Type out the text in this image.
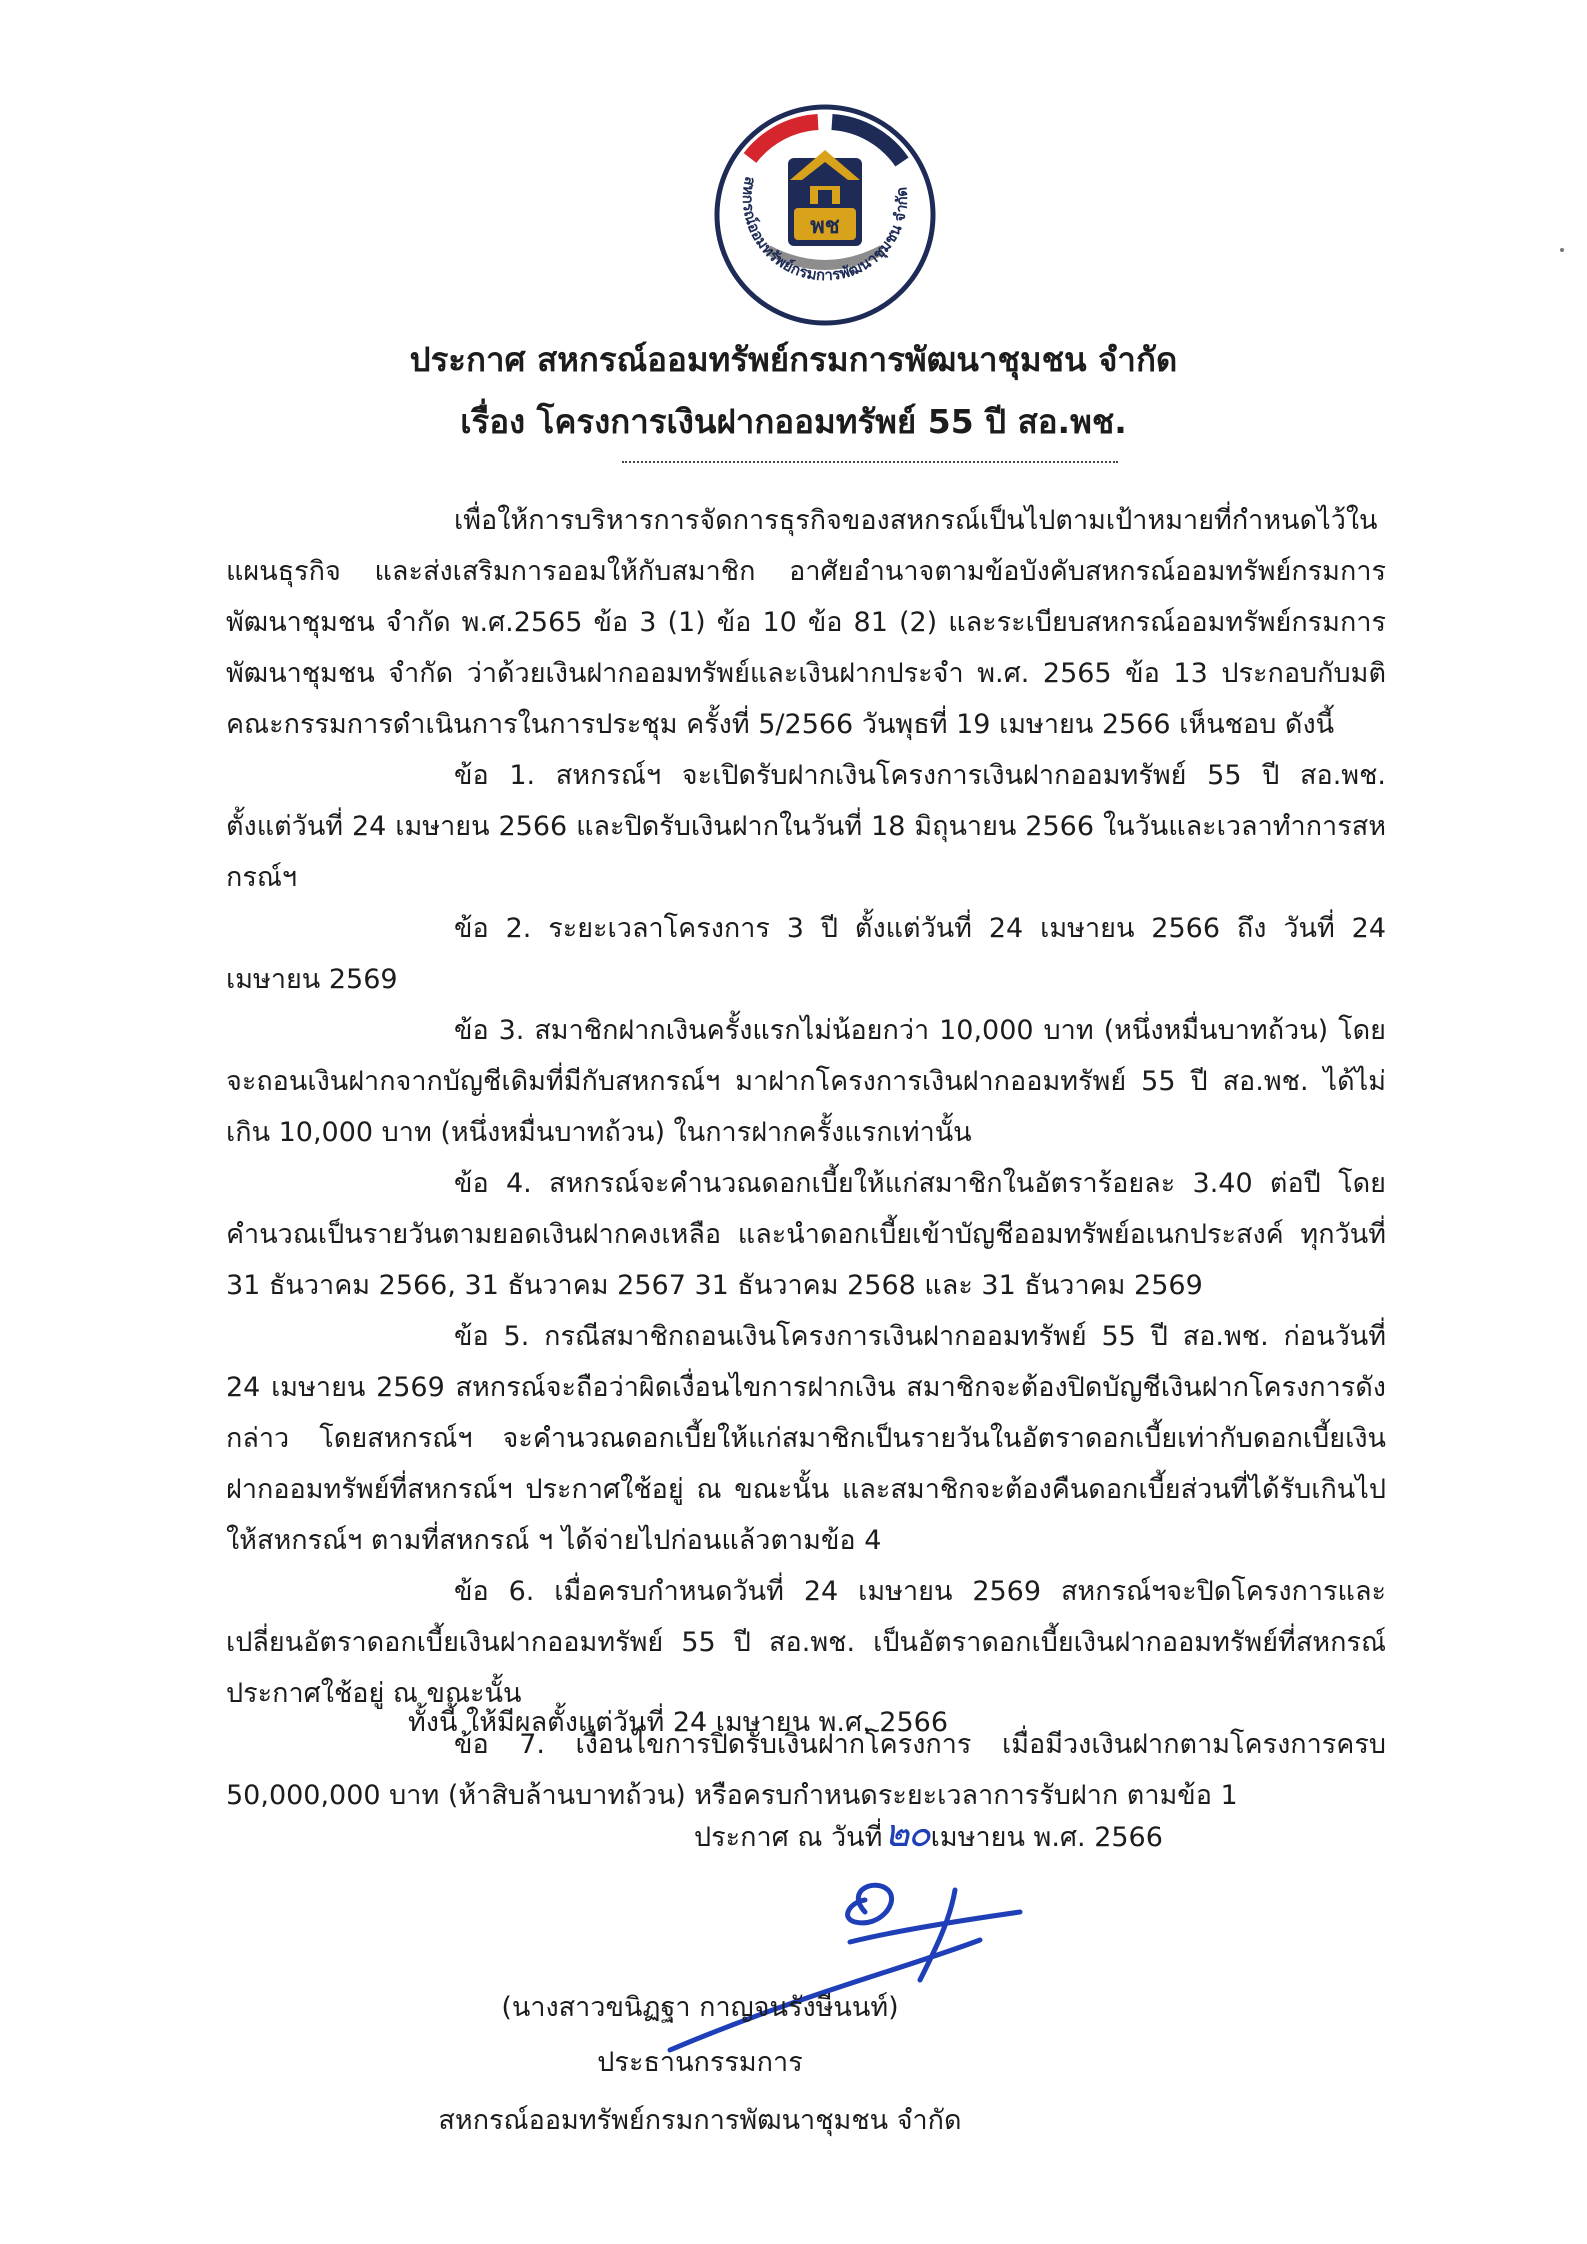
สหกรณ์ออมทรัพย์กรมการพัฒนาชุมชน จำกัด
พช
ประกาศ สหกรณ์ออมทรัพย์กรมการพัฒนาชุมชน จำกัด
เรื่อง โครงการเงินฝากออมทรัพย์ 55 ปี สอ.พช.

เพื่อให้การบริหารการจัดการธุรกิจของสหกรณ์เป็นไปตามเป้าหมายที่กำหนดไว้ในแผนธุรกิจ และส่งเสริมการออมให้กับสมาชิก อาศัยอำนาจตามข้อบังคับสหกรณ์ออมทรัพย์กรมการพัฒนาชุมชน จำกัด พ.ศ.2565 ข้อ 3 (1) ข้อ 10 ข้อ 81 (2) และระเบียบสหกรณ์ออมทรัพย์กรมการพัฒนาชุมชน จำกัด ว่าด้วยเงินฝากออมทรัพย์และเงินฝากประจำ พ.ศ. 2565 ข้อ 13 ประกอบกับมติคณะกรรมการดำเนินการในการประชุม ครั้งที่ 5/2566 วันพุธที่ 19 เมษายน 2566 เห็นชอบ ดังนี้

ข้อ 1. สหกรณ์ฯ จะเปิดรับฝากเงินโครงการเงินฝากออมทรัพย์ 55 ปี สอ.พช. ตั้งแต่วันที่ 24 เมษายน 2566 และปิดรับเงินฝากในวันที่ 18 มิถุนายน 2566 ในวันและเวลาทำการสหกรณ์ฯ

ข้อ 2. ระยะเวลาโครงการ 3 ปี ตั้งแต่วันที่ 24 เมษายน 2566 ถึง วันที่ 24 เมษายน 2569

ข้อ 3. สมาชิกฝากเงินครั้งแรกไม่น้อยกว่า 10,000 บาท (หนึ่งหมื่นบาทถ้วน) โดยจะถอนเงินฝากจากบัญชีเดิมที่มีกับสหกรณ์ฯ มาฝากโครงการเงินฝากออมทรัพย์ 55 ปี สอ.พช. ได้ไม่เกิน 10,000 บาท (หนึ่งหมื่นบาทถ้วน) ในการฝากครั้งแรกเท่านั้น

ข้อ 4. สหกรณ์จะคำนวณดอกเบี้ยให้แก่สมาชิกในอัตราร้อยละ 3.40 ต่อปี โดยคำนวณเป็นรายวันตามยอดเงินฝากคงเหลือ และนำดอกเบี้ยเข้าบัญชีออมทรัพย์อเนกประสงค์ ทุกวันที่ 31 ธันวาคม 2566, 31 ธันวาคม 2567 31 ธันวาคม 2568 และ 31 ธันวาคม 2569

ข้อ 5. กรณีสมาชิกถอนเงินโครงการเงินฝากออมทรัพย์ 55 ปี สอ.พช. ก่อนวันที่ 24 เมษายน 2569 สหกรณ์จะถือว่าผิดเงื่อนไขการฝากเงิน สมาชิกจะต้องปิดบัญชีเงินฝากโครงการดังกล่าว โดยสหกรณ์ฯ จะคำนวณดอกเบี้ยให้แก่สมาชิกเป็นรายวันในอัตราดอกเบี้ยเท่ากับดอกเบี้ยเงินฝากออมทรัพย์ที่สหกรณ์ฯ ประกาศใช้อยู่ ณ ขณะนั้น และสมาชิกจะต้องคืนดอกเบี้ยส่วนที่ได้รับเกินไปให้สหกรณ์ฯ ตามที่สหกรณ์ ฯ ได้จ่ายไปก่อนแล้วตามข้อ 4

ข้อ 6. เมื่อครบกำหนดวันที่ 24 เมษายน 2569 สหกรณ์ฯจะปิดโครงการและเปลี่ยนอัตราดอกเบี้ยเงินฝากออมทรัพย์ 55 ปี สอ.พช. เป็นอัตราดอกเบี้ยเงินฝากออมทรัพย์ที่สหกรณ์ประกาศใช้อยู่ ณ ขณะนั้น

ข้อ 7. เงื่อนไขการปิดรับเงินฝากโครงการ เมื่อมีวงเงินฝากตามโครงการครบ 50,000,000 บาท (ห้าสิบล้านบาทถ้วน) หรือครบกำหนดระยะเวลาการรับฝาก ตามข้อ 1

ทั้งนี้ ให้มีผลตั้งแต่วันที่ 24 เมษายน พ.ศ. 2566
ประกาศ ณ วันที่๒๐เมษายน พ.ศ. 2566
(นางสาวขนิฏฐา กาญจนรังษีนนท์)
ประธานกรรมการ
สหกรณ์ออมทรัพย์กรมการพัฒนาชุมชน จำกัด
